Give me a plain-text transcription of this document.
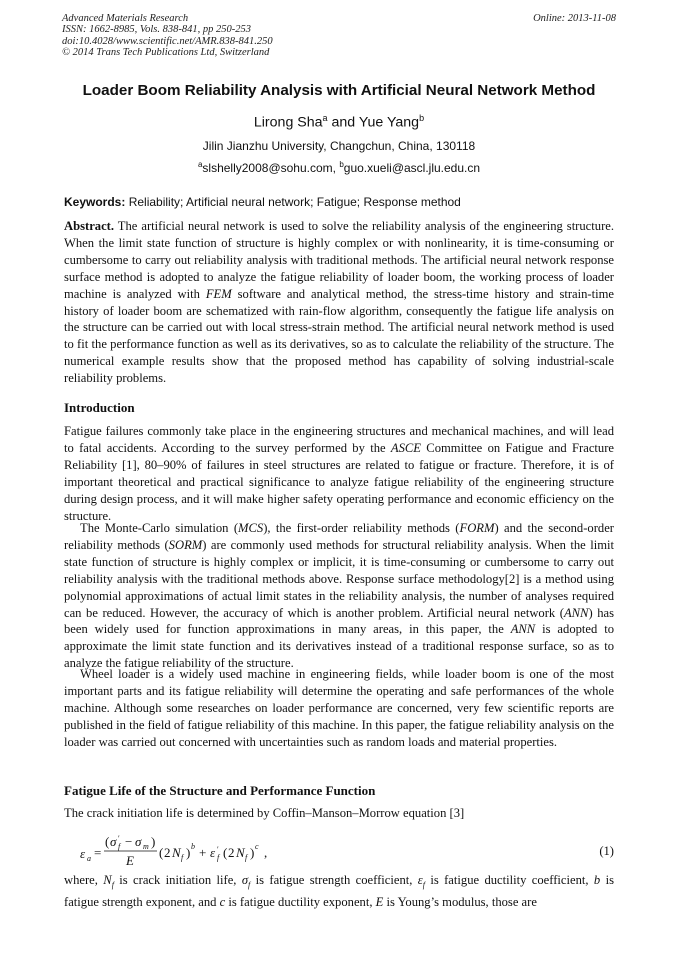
Advanced Materials Research
ISSN: 1662-8985, Vols. 838-841, pp 250-253
doi:10.4028/www.scientific.net/AMR.838-841.250
© 2014 Trans Tech Publications Ltd, Switzerland
Online: 2013-11-08
Loader Boom Reliability Analysis with Artificial Neural Network Method
Lirong Sha$^a$ and Yue Yang$^b$
Jilin Jianzhu University, Changchun, China, 130118
$^a$slshelly2008@sohu.com, $^b$guo.xueli@ascl.jlu.edu.cn
Keywords: Reliability; Artificial neural network; Fatigue; Response method

Abstract. The artificial neural network is used to solve the reliability analysis of the engineering structure. When the limit state function of structure is highly complex or with nonlinearity, it is time-consuming or cumbersome to carry out reliability analysis with traditional methods. The artificial neural network response surface method is adopted to analyze the fatigue reliability of loader boom, the working process of loader machine is analyzed with FEM software and analytical method, the stress-time history and strain-time history of loader boom are schematized with rain-flow algorithm, consequently the fatigue life analysis on the structure can be carried out with local stress-strain method. The artificial neural network method is used to fit the performance function as well as its derivatives, so as to calculate the reliability of the structure. The numerical example results show that the proposed method has capability of solving industrial-scale reliability problems.

Introduction

Fatigue failures commonly take place in the engineering structures and mechanical machines, and will lead to fatal accidents. According to the survey performed by the ASCE Committee on Fatigue and Fracture Reliability [1], 80–90% of failures in steel structures are related to fatigue or fracture. Therefore, it is of important theoretical and practical significance to analyze fatigue reliability of the engineering structure during design process, and it will make higher safety operating performance and economic efficiency on the structure.

The Monte-Carlo simulation (MCS), the first-order reliability methods (FORM) and the second-order reliability methods (SORM) are commonly used methods for structural reliability analysis. When the limit state function of structure is highly complex or implicit, it is time-consuming or cumbersome to carry out reliability analysis with the traditional methods above. Response surface methodology[2] is a method using polynomial approximations of actual limit states in the reliability analysis, the number of analyses required can be reduced. However, the accuracy of which is another problem. Artificial neural network (ANN) has been widely used for function approximations in many areas, in this paper, the ANN is adopted to approximate the limit state function and its derivatives instead of a traditional response surface, so as to analyze the fatigue reliability of the structure.

Wheel loader is a widely used machine in engineering fields, while loader boom is one of the most important parts and its fatigue reliability will determine the operating and safe performances of the whole machine. Although some researches on loader performance are concerned, very few scientific reports are published in the field of fatigue reliability of this machine. In this paper, the fatigue reliability analysis on the loader was carried out concerned with uncertainties such as random loads and material properties.

Fatigue Life of the Structure and Performance Function

The crack initiation life is determined by Coffin–Manson–Morrow equation [3]

ε a =
( σ ′
f − σ m )
E
( 2 N f ) b + ε ′
f ( 2 N f ) c ,	(1)

where, $N_f$ is crack initiation life, $\sigma_f$ is fatigue strength coefficient, $\varepsilon_f$ is fatigue ductility coefficient, b is fatigue strength exponent, and c is fatigue ductility exponent, E is Young’s modulus, those are
